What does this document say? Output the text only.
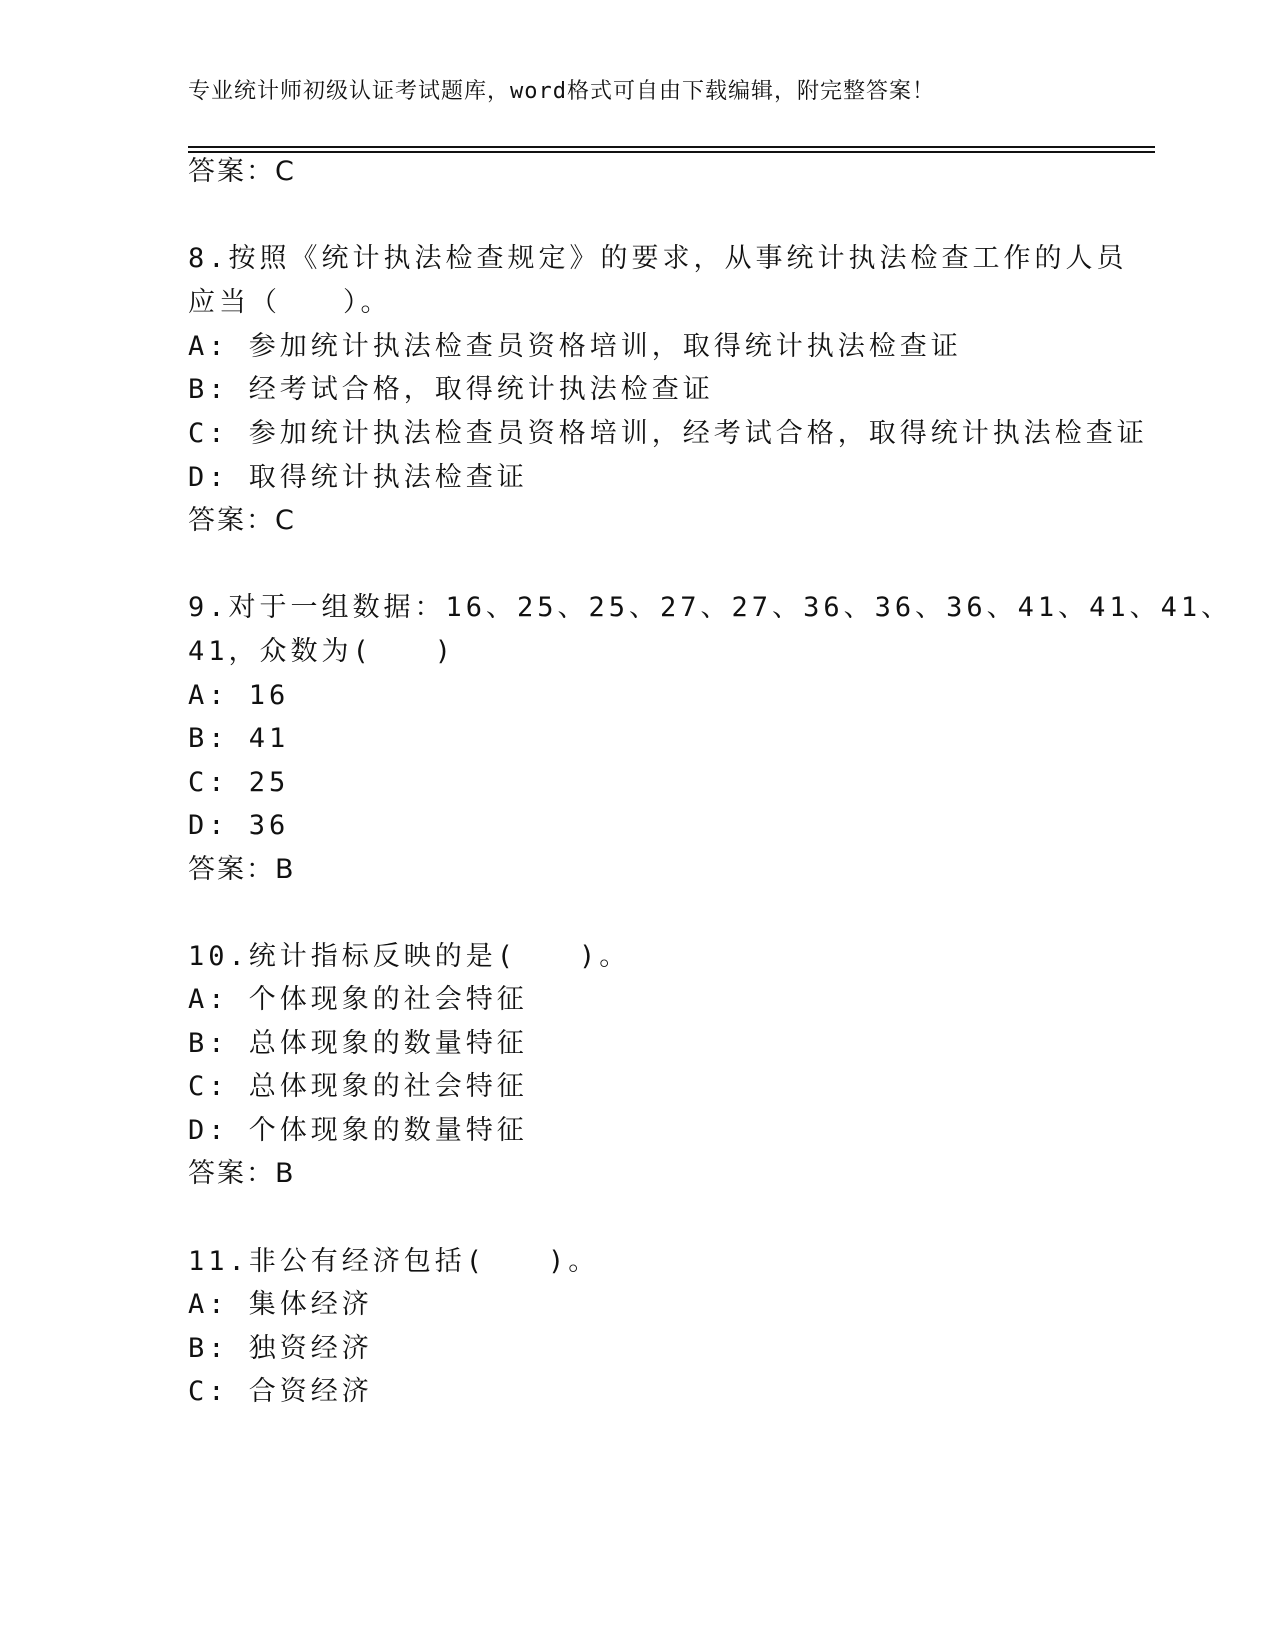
专业统计师初级认证考试题库，word格式可自由下载编辑，附完整答案！
答案：C
8.按照《统计执法检查规定》的要求，从事统计执法检查工作的人员
应当（　　）。
A: 参加统计执法检查员资格培训，取得统计执法检查证
B: 经考试合格，取得统计执法检查证
C: 参加统计执法检查员资格培训，经考试合格，取得统计执法检查证
D: 取得统计执法检查证
答案：C
9.对于一组数据：16、25、25、27、27、36、36、36、41、41、41、
41，众数为(　　)
A: 16
B: 41
C: 25
D: 36
答案：B
10.统计指标反映的是(　　)。
A: 个体现象的社会特征
B: 总体现象的数量特征
C: 总体现象的社会特征
D: 个体现象的数量特征
答案：B
11.非公有经济包括(　　)。
A: 集体经济
B: 独资经济
C: 合资经济
